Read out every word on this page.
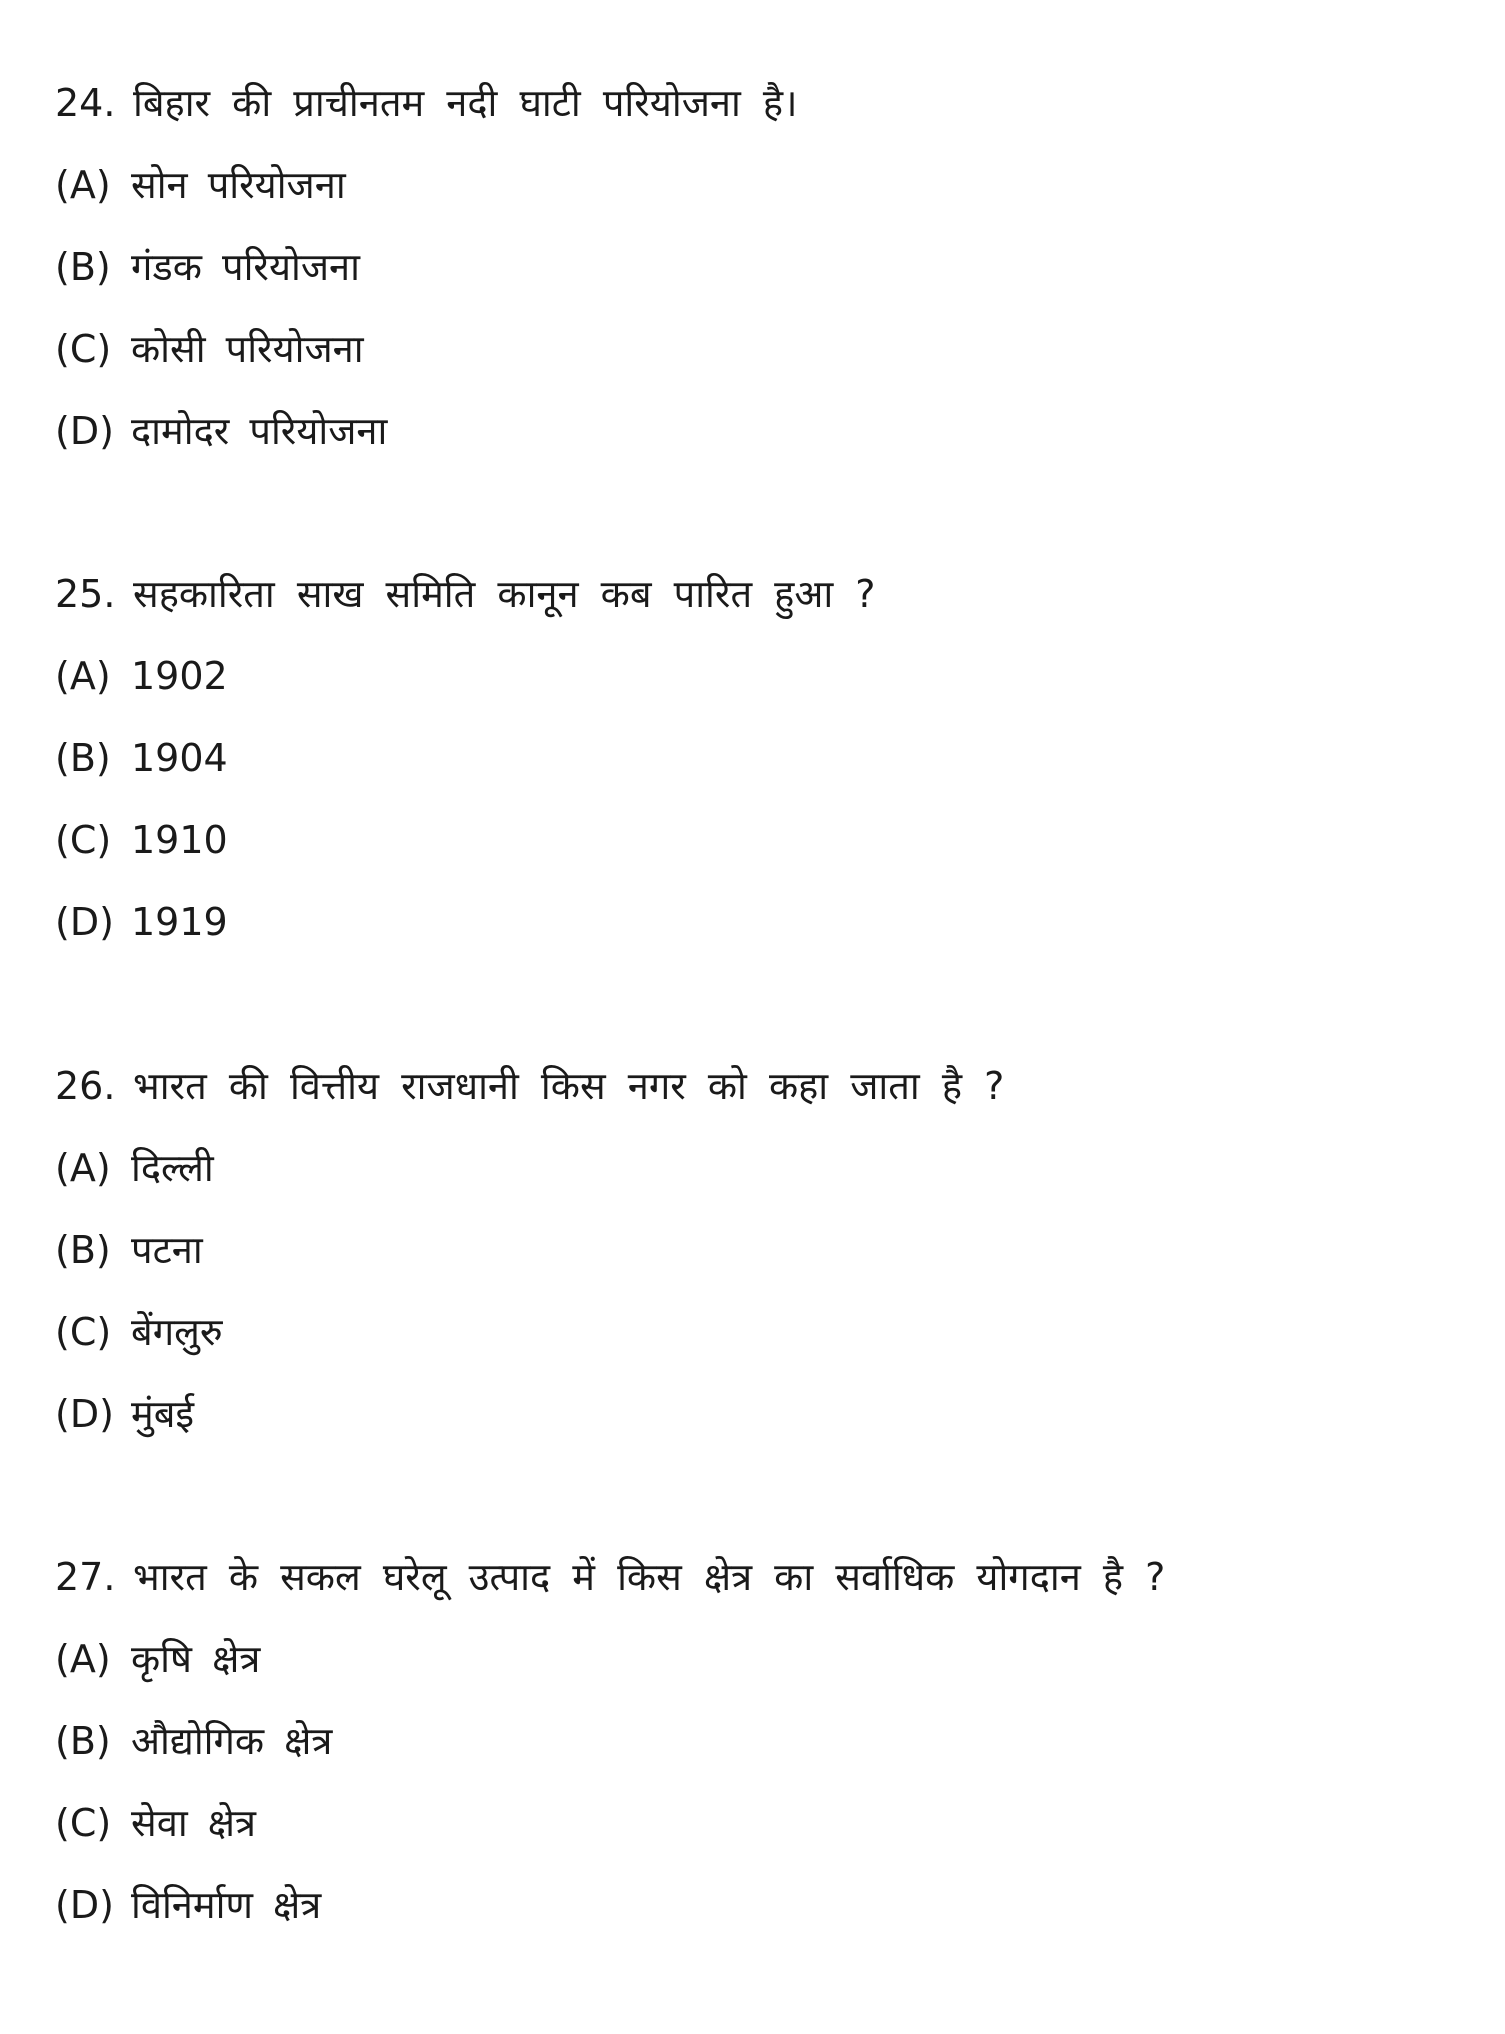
24. बिहार की प्राचीनतम नदी घाटी परियोजना है।
(A) सोन परियोजना
(B) गंडक परियोजना
(C) कोसी परियोजना
(D) दामोदर परियोजना
25. सहकारिता साख समिति कानून कब पारित हुआ ?
(A) 1902
(B) 1904
(C) 1910
(D) 1919
26. भारत की वित्तीय राजधानी किस नगर को कहा जाता है ?
(A) दिल्ली
(B) पटना
(C) बेंगलुरु
(D) मुंबई
27. भारत के सकल घरेलू उत्पाद में किस क्षेत्र का सर्वाधिक योगदान है ?
(A) कृषि क्षेत्र
(B) औद्योगिक क्षेत्र
(C) सेवा क्षेत्र
(D) विनिर्माण क्षेत्र
